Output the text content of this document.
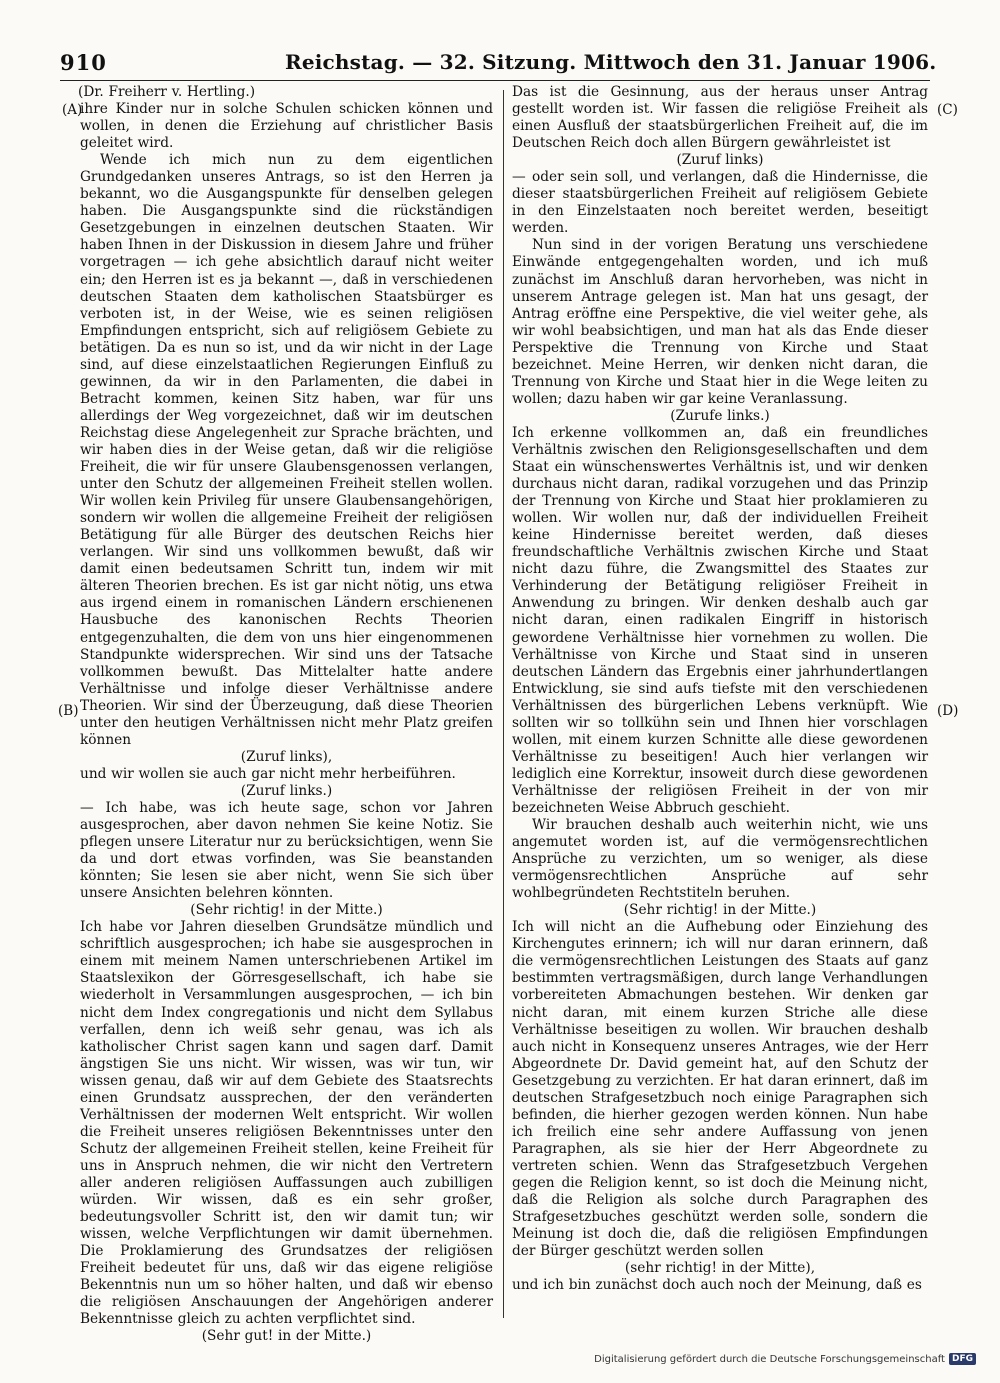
910	Reichstag. — 32. Sitzung. Mittwoch den 31. Januar 1906.
(A)
(B)
(C)
(D)

(Dr. Freiherr v. Hertling.)

ihre Kinder nur in solche Schulen schicken können und wollen, in denen die Erziehung auf christlicher Basis geleitet wird.

Wende ich mich nun zu dem eigentlichen Grundgedanken unseres Antrags, so ist den Herren ja bekannt, wo die Ausgangspunkte für denselben gelegen haben. Die Ausgangspunkte sind die rückständigen Gesetzgebungen in einzelnen deutschen Staaten. Wir haben Ihnen in der Diskussion in diesem Jahre und früher vorgetragen — ich gehe absichtlich darauf nicht weiter ein; den Herren ist es ja bekannt —, daß in verschiedenen deutschen Staaten dem katholischen Staatsbürger es verboten ist, in der Weise, wie es seinen religiösen Empfindungen entspricht, sich auf religiösem Gebiete zu betätigen. Da es nun so ist, und da wir nicht in der Lage sind, auf diese einzelstaatlichen Regierungen Einfluß zu gewinnen, da wir in den Parlamenten, die dabei in Betracht kommen, keinen Sitz haben, war für uns allerdings der Weg vorgezeichnet, daß wir im deutschen Reichstag diese Angelegenheit zur Sprache brächten, und wir haben dies in der Weise getan, daß wir die religiöse Freiheit, die wir für unsere Glaubensgenossen verlangen, unter den Schutz der allgemeinen Freiheit stellen wollen. Wir wollen kein Privileg für unsere Glaubensangehörigen, sondern wir wollen die allgemeine Freiheit der religiösen Betätigung für alle Bürger des deutschen Reichs hier verlangen. Wir sind uns vollkommen bewußt, daß wir damit einen bedeutsamen Schritt tun, indem wir mit älteren Theorien brechen. Es ist gar nicht nötig, uns etwa aus irgend einem in romanischen Ländern erschienenen Hausbuche des kanonischen Rechts Theorien entgegenzuhalten, die dem von uns hier eingenommenen Standpunkte widersprechen. Wir sind uns der Tatsache vollkommen bewußt. Das Mittelalter hatte andere Verhältnisse und infolge dieser Verhältnisse andere Theorien. Wir sind der Überzeugung, daß diese Theorien unter den heutigen Verhältnissen nicht mehr Platz greifen können

(Zuruf links),

und wir wollen sie auch gar nicht mehr herbeiführen.

(Zuruf links.)

— Ich habe, was ich heute sage, schon vor Jahren ausgesprochen, aber davon nehmen Sie keine Notiz. Sie pflegen unsere Literatur nur zu berücksichtigen, wenn Sie da und dort etwas vorfinden, was Sie beanstanden könnten; Sie lesen sie aber nicht, wenn Sie sich über unsere Ansichten belehren könnten.

(Sehr richtig! in der Mitte.)

Ich habe vor Jahren dieselben Grundsätze mündlich und schriftlich ausgesprochen; ich habe sie ausgesprochen in einem mit meinem Namen unterschriebenen Artikel im Staatslexikon der Görresgesellschaft, ich habe sie wiederholt in Versammlungen ausgesprochen, — ich bin nicht dem Index congregationis und nicht dem Syllabus verfallen, denn ich weiß sehr genau, was ich als katholischer Christ sagen kann und sagen darf. Damit ängstigen Sie uns nicht. Wir wissen, was wir tun, wir wissen genau, daß wir auf dem Gebiete des Staatsrechts einen Grundsatz aussprechen, der den veränderten Verhältnissen der modernen Welt entspricht. Wir wollen die Freiheit unseres religiösen Bekenntnisses unter den Schutz der allgemeinen Freiheit stellen, keine Freiheit für uns in Anspruch nehmen, die wir nicht den Vertretern aller anderen religiösen Auffassungen auch zubilligen würden. Wir wissen, daß es ein sehr großer, bedeutungsvoller Schritt ist, den wir damit tun; wir wissen, welche Verpflichtungen wir damit übernehmen. Die Proklamierung des Grundsatzes der religiösen Freiheit bedeutet für uns, daß wir das eigene religiöse Bekenntnis nun um so höher halten, und daß wir ebenso die religiösen Anschauungen der Angehörigen anderer Bekenntnisse gleich zu achten verpflichtet sind.

(Sehr gut! in der Mitte.)

Das ist die Gesinnung, aus der heraus unser Antrag gestellt worden ist. Wir fassen die religiöse Freiheit als einen Ausfluß der staatsbürgerlichen Freiheit auf, die im Deutschen Reich doch allen Bürgern gewährleistet ist

(Zuruf links)

— oder sein soll, und verlangen, daß die Hindernisse, die dieser staatsbürgerlichen Freiheit auf religiösem Gebiete in den Einzelstaaten noch bereitet werden, beseitigt werden.

Nun sind in der vorigen Beratung uns verschiedene Einwände entgegengehalten worden, und ich muß zunächst im Anschluß daran hervorheben, was nicht in unserem Antrage gelegen ist. Man hat uns gesagt, der Antrag eröffne eine Perspektive, die viel weiter gehe, als wir wohl beabsichtigen, und man hat als das Ende dieser Perspektive die Trennung von Kirche und Staat bezeichnet. Meine Herren, wir denken nicht daran, die Trennung von Kirche und Staat hier in die Wege leiten zu wollen; dazu haben wir gar keine Veranlassung.

(Zurufe links.)

Ich erkenne vollkommen an, daß ein freundliches Verhältnis zwischen den Religionsgesellschaften und dem Staat ein wünschenswertes Verhältnis ist, und wir denken durchaus nicht daran, radikal vorzugehen und das Prinzip der Trennung von Kirche und Staat hier proklamieren zu wollen. Wir wollen nur, daß der individuellen Freiheit keine Hindernisse bereitet werden, daß dieses freundschaftliche Verhältnis zwischen Kirche und Staat nicht dazu führe, die Zwangsmittel des Staates zur Verhinderung der Betätigung religiöser Freiheit in Anwendung zu bringen. Wir denken deshalb auch gar nicht daran, einen radikalen Eingriff in historisch gewordene Verhältnisse hier vornehmen zu wollen. Die Verhältnisse von Kirche und Staat sind in unseren deutschen Ländern das Ergebnis einer jahrhundertlangen Entwicklung, sie sind aufs tiefste mit den verschiedenen Verhältnissen des bürgerlichen Lebens verknüpft. Wie sollten wir so tollkühn sein und Ihnen hier vorschlagen wollen, mit einem kurzen Schnitte alle diese gewordenen Verhältnisse zu beseitigen! Auch hier verlangen wir lediglich eine Korrektur, insoweit durch diese gewordenen Verhältnisse der religiösen Freiheit in der von mir bezeichneten Weise Abbruch geschieht.

Wir brauchen deshalb auch weiterhin nicht, wie uns angemutet worden ist, auf die vermögensrechtlichen Ansprüche zu verzichten, um so weniger, als diese vermögensrechtlichen Ansprüche auf sehr wohlbegründeten Rechtstiteln beruhen.

(Sehr richtig! in der Mitte.)

Ich will nicht an die Aufhebung oder Einziehung des Kirchengutes erinnern; ich will nur daran erinnern, daß die vermögensrechtlichen Leistungen des Staats auf ganz bestimmten vertragsmäßigen, durch lange Verhandlungen vorbereiteten Abmachungen bestehen. Wir denken gar nicht daran, mit einem kurzen Striche alle diese Verhältnisse beseitigen zu wollen. Wir brauchen deshalb auch nicht in Konsequenz unseres Antrages, wie der Herr Abgeordnete Dr. David gemeint hat, auf den Schutz der Gesetzgebung zu verzichten. Er hat daran erinnert, daß im deutschen Strafgesetzbuch noch einige Paragraphen sich befinden, die hierher gezogen werden können. Nun habe ich freilich eine sehr andere Auffassung von jenen Paragraphen, als sie hier der Herr Abgeordnete zu vertreten schien. Wenn das Strafgesetzbuch Vergehen gegen die Religion kennt, so ist doch die Meinung nicht, daß die Religion als solche durch Paragraphen des Strafgesetzbuches geschützt werden solle, sondern die Meinung ist doch die, daß die religiösen Empfindungen der Bürger geschützt werden sollen

(sehr richtig! in der Mitte),

und ich bin zunächst doch auch noch der Meinung, daß es

Digitalisierung gefördert durch die Deutsche Forschungsgemeinschaft DFG
